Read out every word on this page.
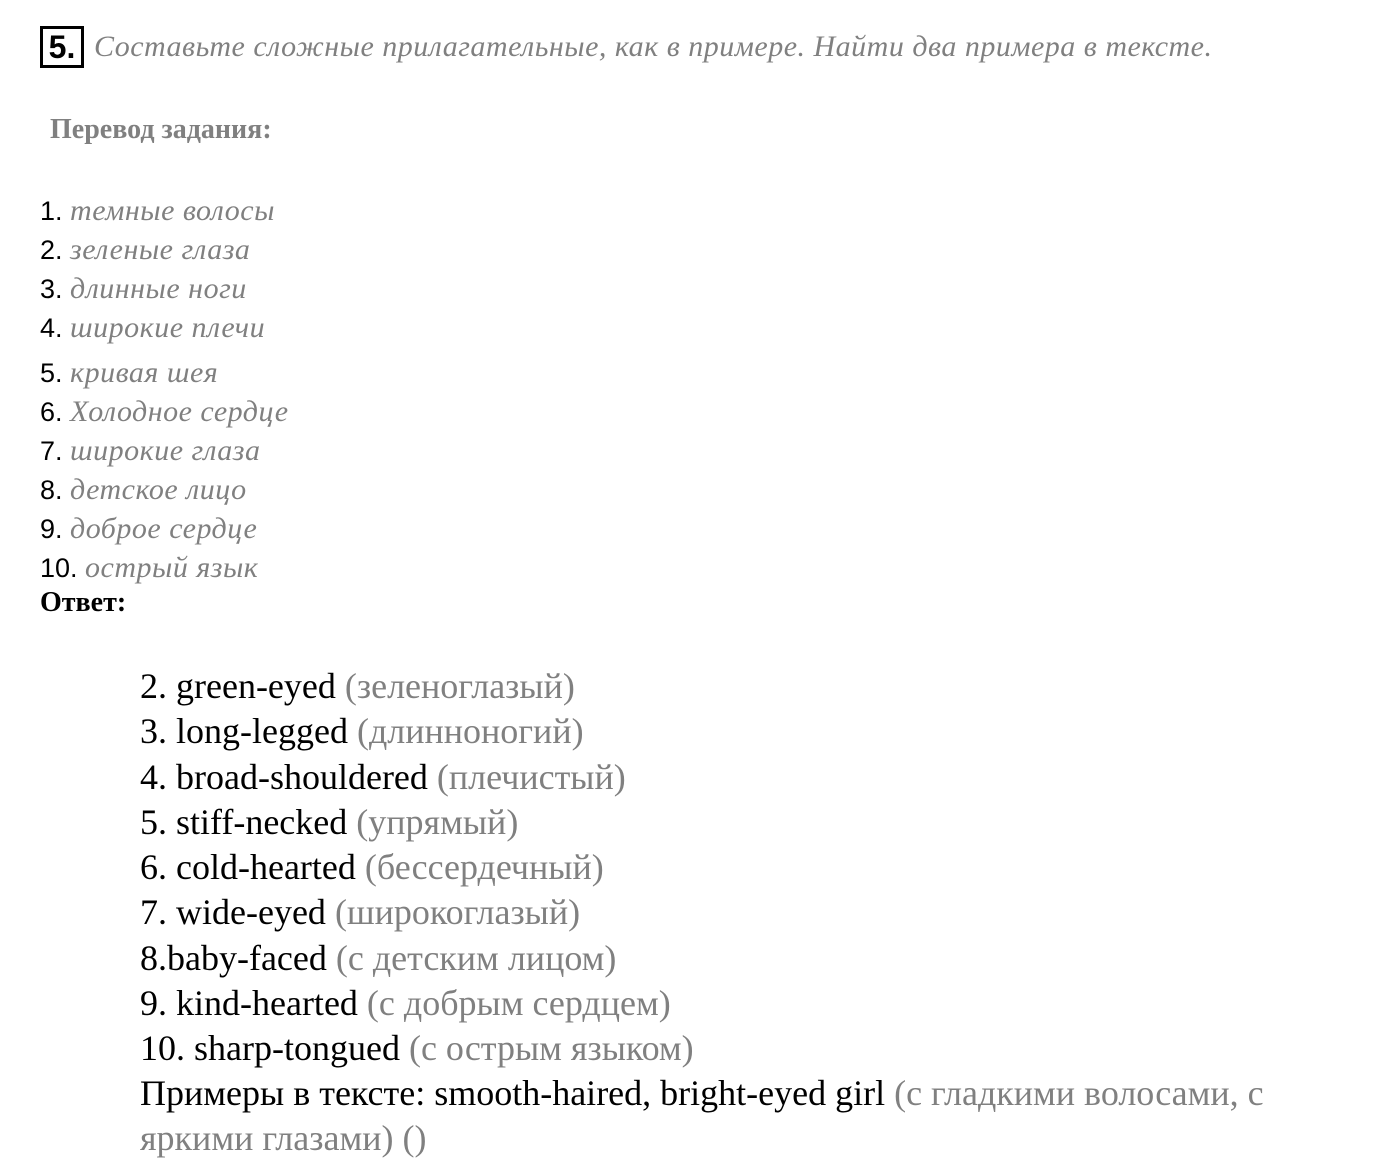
5. Составьте сложные прилагательные, как в примере. Найти два примера в тексте.
Перевод задания:
1. темные волосы
2. зеленые глаза
3. длинные ноги
4. широкие плечи
5. кривая шея
6. Холодное сердце
7. широкие глаза
8. детское лицо
9. доброе сердце
10. острый язык
Ответ:
2. green-eyed (зеленоглазый)
3. long-legged (длинноногий)
4. broad-shouldered (плечистый)
5. stiff-necked (упрямый)
6. cold-hearted (бессердечный)
7. wide-eyed (широкоглазый)
8.baby-faced (с детским лицом)
9. kind-hearted (с добрым сердцем)
10. sharp-tongued (с острым языком)
Примеры в тексте: smooth-haired, bright-eyed girl (с гладкими волосами, с яркими глазами) ()
